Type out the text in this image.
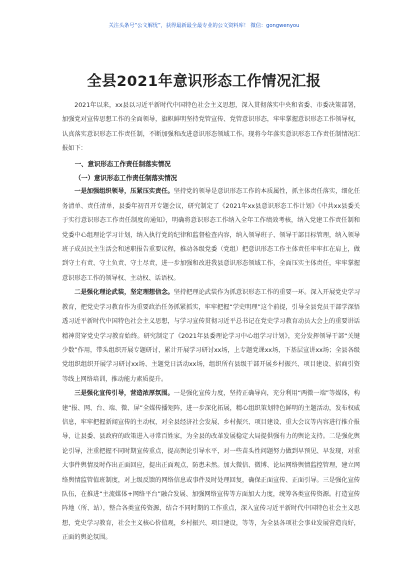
关注头条号“公文解忧”，获得最新最全最专业的公文资料库！ 微信：gongwenyou
全县2021年意识形态工作情况汇报

2021年以来，xx县以习近平新时代中国特色社会主义思想，深入贯彻落实中央和省委、市委决策部署，加强党对宣传思想工作的全面领导，旗帜鲜明坚持党管宣传、党管意识形态，牢牢掌握意识形态工作领导权，认真落实意识形态工作责任制，不断加强和改进意识形态领域工作。现将今年落实意识形态工作责任制情况汇报如下：

一、意识形态工作责任制落实情况
（一）意识形态工作责任制落实情况

一是加强组织领导，压紧压实责任。坚持党的领导是意识形态工作的本质属性，抓主体责任落实，细化任务清单、责任清单，县委年初召开专题会议，研究制定了《2021年xx县意识形态工作计划》《中共xx县委关于实行意识形态工作责任制度的通知》，明确将意识形态工作纳入全年工作绩效考核，纳入党建工作责任制和党委中心组理论学习计划，纳入执行党的纪律和监督检查内容，纳入领导班子、领导干部目标管理，纳入领导班子成员民主生活会和述职报告重要议程，推动各级党委（党组）把意识形态工作主体责任牢牢扛在肩上，做到守土有责、守土负责、守土尽责，进一步加强和改进我县意识形态领域工作，全面压实主体责任，牢牢掌握意识形态工作的领导权、主动权、话语权。

二是强化理论武装，坚定理想信念。坚持把理论武装作为抓意识形态工作的重要一环。深入开展党史学习教育，把党史学习教育作为重要政治任务抓紧抓实，牢牢把握“学史明理”这个前提，引导全县党员干部学深悟透习近平新时代中国特色社会主义思想，与学习宣传贯彻习近平总书记在党史学习教育动员大会上的重要讲话精神贯穿党史学习教育始终。研究制定了《2021年县委理论学习中心组学习计划》，充分发挥领导干部“关键少数”作用，带头组织开展专题研讨，累计开展学习研讨xx场，上专题党课xx场，下基层宣讲xx场；全县各级党组织组织开展学习研讨xx场、主题党日活动xx场，组织所有县级干部开展乡村振兴、项目建设、招商引资等线上网络培训，推动能力素质提升。

三是强化宣传引导，营造浓厚氛围。一是强化宣传力度，坚持正确导向，充分利用“两微一端”等媒体，构建“报、网、台、端、微、屏”全媒传播矩阵，进一步深化拓展，精心组织策划特色鲜明的主题活动，发布权威信息，牢牢把握新闻宣传的主动权，对全县经济社会发展、乡村振兴、项目建设、重大会议等内容进行推介报导，让县委、县政府的政策进入寻常百姓家，为全县的改革发展稳定大局提供强有力的舆论支持。二是强化舆论引导，注重把握不同时期宣传重点，提高舆论引导水平，对一些苗头性问题努力做到早预见、早发现，对重大事件舆情及时作出正面回应，提出正面观点，防患未然。加大微信、微博、论坛网络舆情监控管理，建立网络舆情监管值班制度，对上级反馈的网络信息或事件及时处理回复，确保正面宣传、正面引导。三是强化宣传队伍，在推进“主流媒体+网络平台”融合发展、加强网络宣传等方面加大力度，统筹各类宣传资源。打造宣传阵地（所、站），整合各类宣传资源，结合不同时期的工作重点，深入宣传习近平新时代中国特色社会主义思想，党史学习教育，社会主义核心价值观，乡村振兴、项目建设，等等，为全县各项社会事业发展营造良好，正面的舆论氛围。
